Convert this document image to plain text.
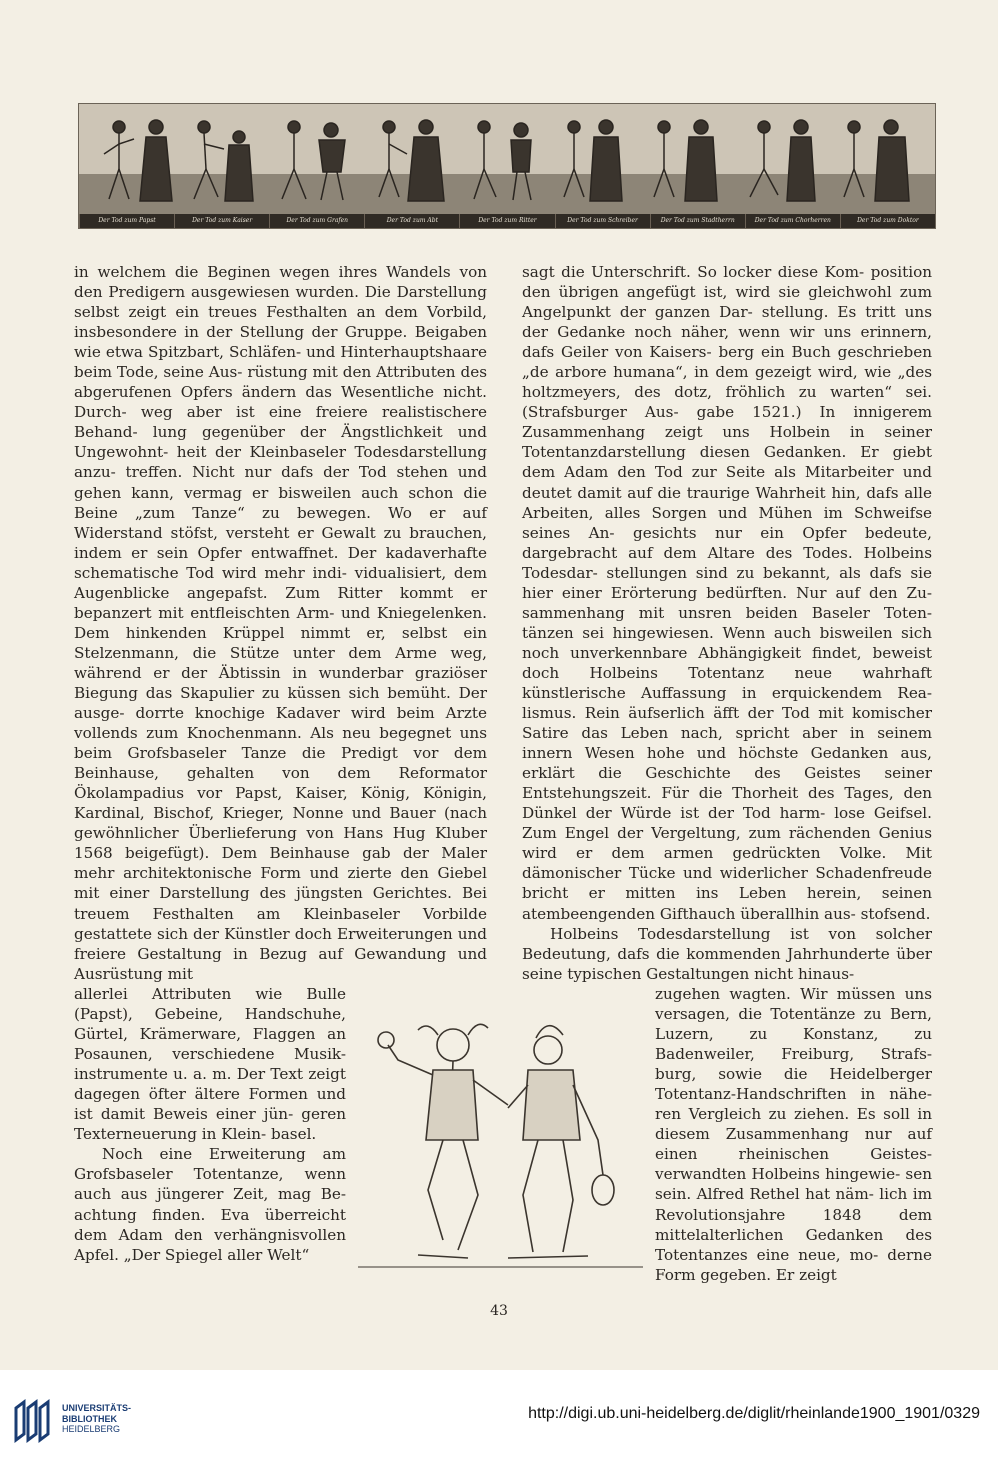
Der Tod zum Papst	Der Tod zum Kaiser	Der Tod zum Grafen	Der Tod zum Abt	Der Tod zum Ritter	Der Tod zum Schreiber	Der Tod zum Stadtherrn	Der Tod zum Chorherren	Der Tod zum Doktor

in welchem die Beginen wegen ihres Wandels von den Predigern ausgewiesen wurden. Die Darstellung selbst zeigt ein treues Festhalten an dem Vorbild, insbesondere in der Stellung der Gruppe. Beigaben wie etwa Spitzbart, Schläfen- und Hinterhauptshaare beim Tode, seine Aus- rüstung mit den Attributen des abgerufenen Opfers ändern das Wesentliche nicht. Durch- weg aber ist eine freiere realistischere Behand- lung gegenüber der Ängstlichkeit und Ungewohnt- heit der Kleinbaseler Todesdarstellung anzu- treffen. Nicht nur dafs der Tod stehen und gehen kann, vermag er bisweilen auch schon die Beine „zum Tanze“ zu bewegen. Wo er auf Widerstand stöfst, versteht er Gewalt zu brauchen, indem er sein Opfer entwaffnet. Der kadaverhafte schematische Tod wird mehr indi- vidualisiert, dem Augenblicke angepafst. Zum Ritter kommt er bepanzert mit entfleischten Arm- und Kniegelenken. Dem hinkenden Krüppel nimmt er, selbst ein Stelzenmann, die Stütze unter dem Arme weg, während er der Äbtissin in wunderbar graziöser Biegung das Skapulier zu küssen sich bemüht. Der ausge- dorrte knochige Kadaver wird beim Arzte vollends zum Knochenmann. Als neu begegnet uns beim Grofsbaseler Tanze die Predigt vor dem Beinhause, gehalten von dem Reformator Ökolampadius vor Papst, Kaiser, König, Königin, Kardinal, Bischof, Krieger, Nonne und Bauer (nach gewöhnlicher Überlieferung von Hans Hug Kluber 1568 beigefügt). Dem Beinhause gab der Maler mehr architektonische Form und zierte den Giebel mit einer Darstellung des jüngsten Gerichtes. Bei treuem Festhalten am Kleinbaseler Vorbilde gestattete sich der Künstler doch Erweiterungen und freiere Gestaltung in Bezug auf Gewandung und Ausrüstung mit

sagt die Unterschrift. So locker diese Kom- position den übrigen angefügt ist, wird sie gleichwohl zum Angelpunkt der ganzen Dar- stellung. Es tritt uns der Gedanke noch näher, wenn wir uns erinnern, dafs Geiler von Kaisers- berg ein Buch geschrieben „de arbore humana“, in dem gezeigt wird, wie „des holtzmeyers, des dotz, fröhlich zu warten“ sei. (Strafsburger Aus- gabe 1521.) In innigerem Zusammenhang zeigt uns Holbein in seiner Totentanzdarstellung diesen Gedanken. Er giebt dem Adam den Tod zur Seite als Mitarbeiter und deutet damit auf die traurige Wahrheit hin, dafs alle Arbeiten, alles Sorgen und Mühen im Schweifse seines An- gesichts nur ein Opfer bedeute, dargebracht auf dem Altare des Todes. Holbeins Todesdar- stellungen sind zu bekannt, als dafs sie hier einer Erörterung bedürften. Nur auf den Zu- sammenhang mit unsren beiden Baseler Toten- tänzen sei hingewiesen. Wenn auch bisweilen sich noch unverkennbare Abhängigkeit findet, beweist doch Holbeins Totentanz neue wahrhaft künstlerische Auffassung in erquickendem Rea- lismus. Rein äufserlich äfft der Tod mit komischer Satire das Leben nach, spricht aber in seinem innern Wesen hohe und höchste Gedanken aus, erklärt die Geschichte des Geistes seiner Entstehungszeit. Für die Thorheit des Tages, den Dünkel der Würde ist der Tod harm- lose Geifsel. Zum Engel der Vergeltung, zum rächenden Genius wird er dem armen gedrückten Volke. Mit dämonischer Tücke und widerlicher Schadenfreude bricht er mitten ins Leben herein, seinen atembeengenden Gifthauch überallhin aus- stofsend.

Holbeins Todesdarstellung ist von solcher Bedeutung, dafs die kommenden Jahrhunderte über seine typischen Gestaltungen nicht hinaus-

allerlei Attributen wie Bulle (Papst), Gebeine, Handschuhe, Gürtel, Krämerware, Flaggen an Posaunen, verschiedene Musik- instrumente u. a. m. Der Text zeigt dagegen öfter ältere Formen und ist damit Beweis einer jün- geren Texterneuerung in Klein- basel.

Noch eine Erweiterung am Grofsbaseler Totentanze, wenn auch aus jüngerer Zeit, mag Be- achtung finden. Eva überreicht dem Adam den verhängnisvollen Apfel. „Der Spiegel aller Welt“

zugehen wagten. Wir müssen uns versagen, die Totentänze zu Bern, Luzern, zu Konstanz, zu Badenweiler, Freiburg, Strafs- burg, sowie die Heidelberger Totentanz-Handschriften in nähe- ren Vergleich zu ziehen. Es soll in diesem Zusammenhang nur auf einen rheinischen Geistes- verwandten Holbeins hingewie- sen sein. Alfred Rethel hat näm- lich im Revolutionsjahre 1848 dem mittelalterlichen Gedanken des Totentanzes eine neue, mo- derne Form gegeben. Er zeigt

43
UNIVERSITÄTS-
BIBLIOTHEK
HEIDELBERG
http://digi.ub.uni-heidelberg.de/diglit/rheinlande1900_1901/0329
